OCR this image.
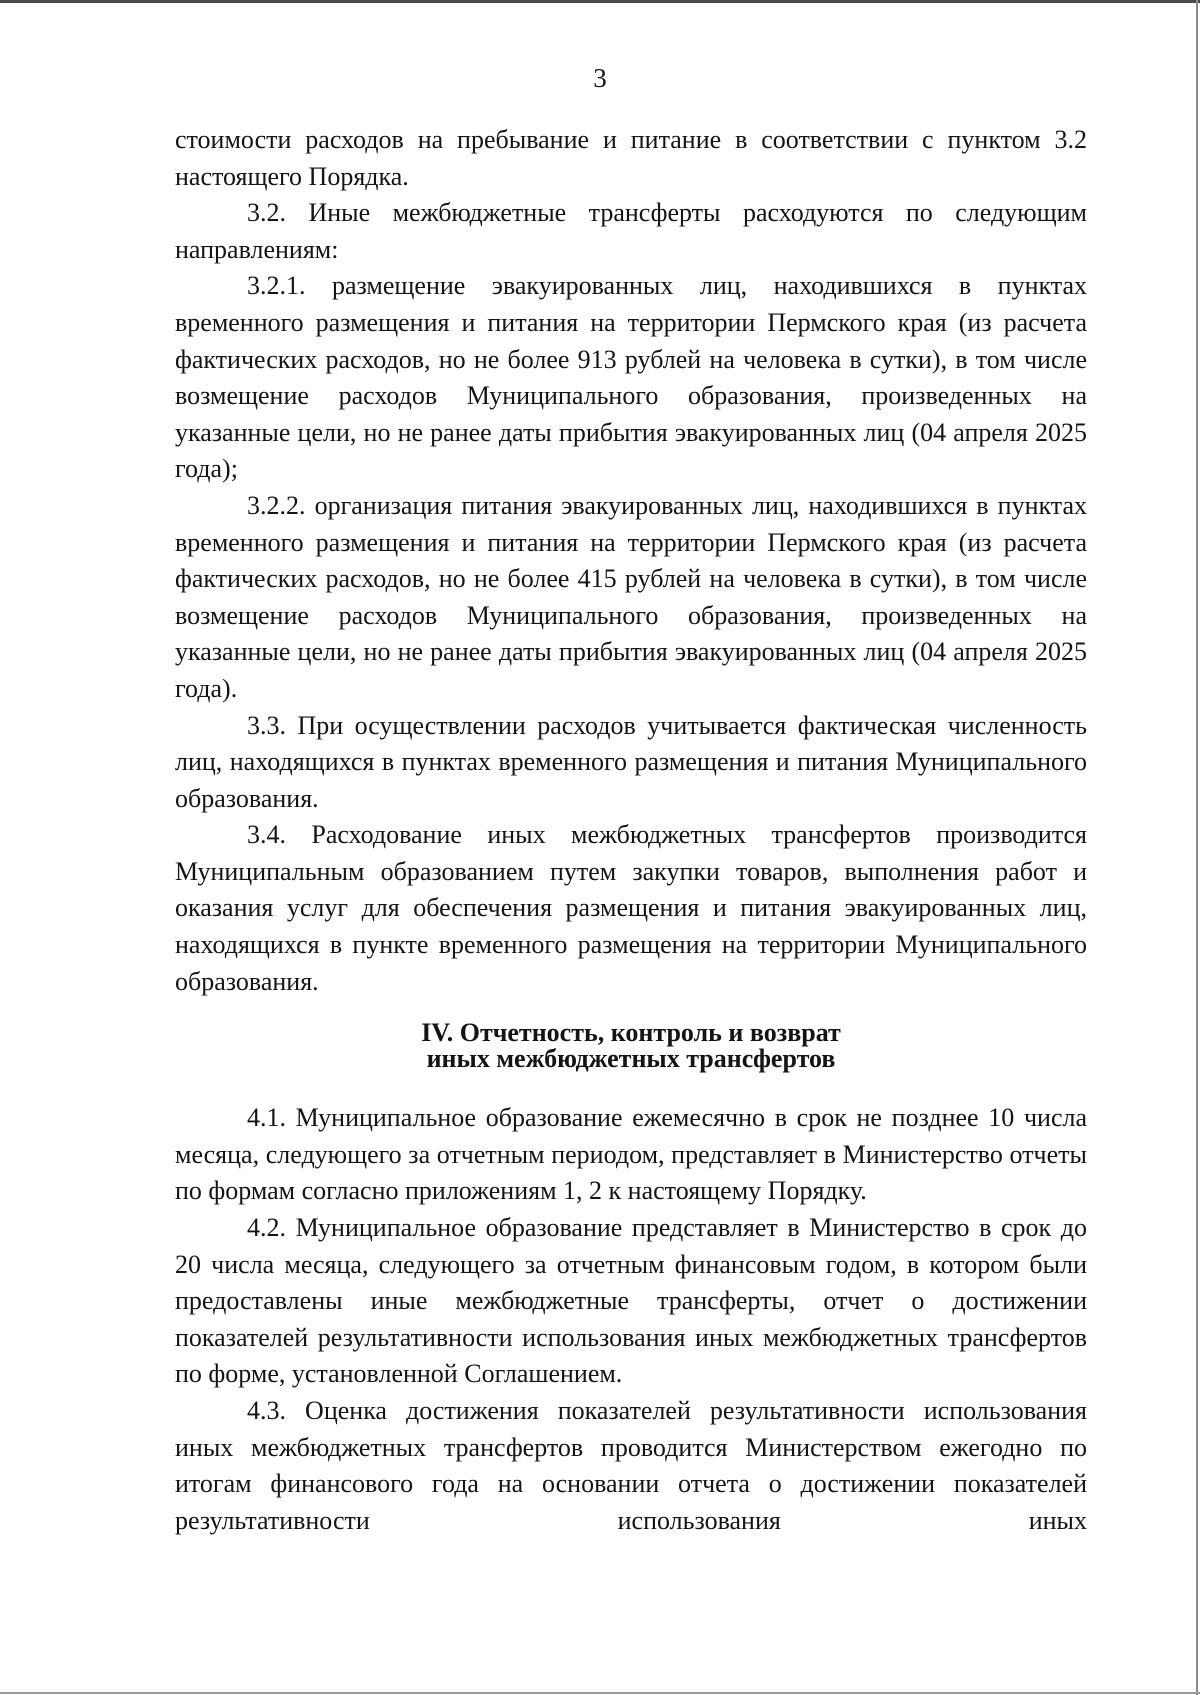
3

стоимости расходов на пребывание и питание в соответствии с пунктом 3.2 настоящего Порядка.

3.2. Иные межбюджетные трансферты расходуются по следующим направлениям:

3.2.1. размещение эвакуированных лиц, находившихся в пунктах временного размещения и питания на территории Пермского края (из расчета фактических расходов, но не более 913 рублей на человека в сутки), в том числе возмещение расходов Муниципального образования, произведенных на указанные цели, но не ранее даты прибытия эвакуированных лиц (04 апреля 2025 года);

3.2.2. организация питания эвакуированных лиц, находившихся в пунктах временного размещения и питания на территории Пермского края (из расчета фактических расходов, но не более 415 рублей на человека в сутки), в том числе возмещение расходов Муниципального образования, произведенных на указанные цели, но не ранее даты прибытия эвакуированных лиц (04 апреля 2025 года).

3.3. При осуществлении расходов учитывается фактическая численность лиц, находящихся в пунктах временного размещения и питания Муниципального образования.

3.4. Расходование иных межбюджетных трансфертов производится Муниципальным образованием путем закупки товаров, выполнения работ и оказания услуг для обеспечения размещения и питания эвакуированных лиц, находящихся в пункте временного размещения на территории Муниципального образования.

IV. Отчетность, контроль и возврат
иных межбюджетных трансфертов

4.1. Муниципальное образование ежемесячно в срок не позднее 10 числа месяца, следующего за отчетным периодом, представляет в Министерство отчеты по формам согласно приложениям 1, 2 к настоящему Порядку.

4.2. Муниципальное образование представляет в Министерство в срок до 20 числа месяца, следующего за отчетным финансовым годом, в котором были предоставлены иные межбюджетные трансферты, отчет о достижении показателей результативности использования иных межбюджетных трансфертов по форме, установленной Соглашением.

4.3. Оценка достижения показателей результативности использования иных межбюджетных трансфертов проводится Министерством ежегодно по итогам финансового года на основании отчета о достижении показателей результативности использования иных
